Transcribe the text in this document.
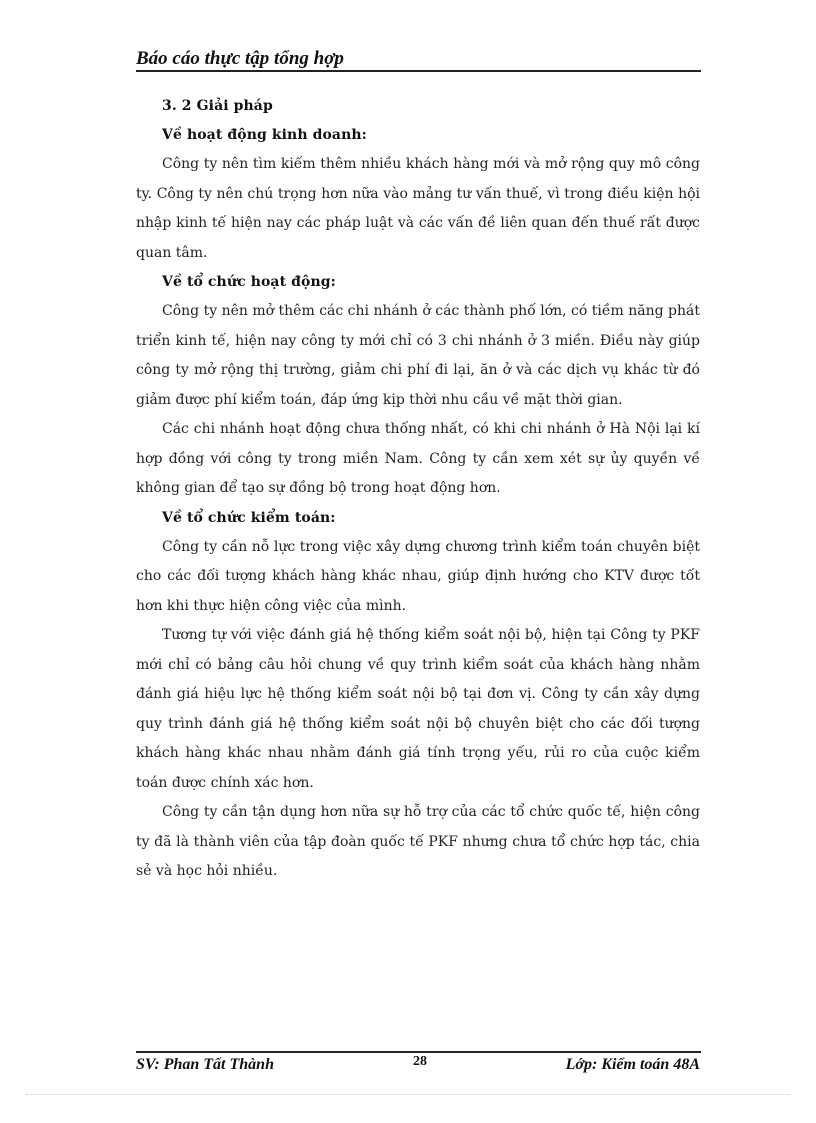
Báo cáo thực tập tổng hợp

3. 2 Giải pháp

Về hoạt động kinh doanh:

Công ty nên tìm kiếm thêm nhiều khách hàng mới và mở rộng quy mô công ty. Công ty nên chú trọng hơn nữa vào mảng tư vấn thuế, vì trong điều kiện hội nhập kinh tế hiện nay các pháp luật và các vấn đề liên quan đến thuế rất được quan tâm.

Về tổ chức hoạt động:

Công ty nên mở thêm các chi nhánh ở các thành phố lớn, có tiềm năng phát triển kinh tế, hiện nay công ty mới chỉ có 3 chi nhánh ở 3 miền. Điều này giúp công ty mở rộng thị trường, giảm chi phí đi lại, ăn ở và các dịch vụ khác từ đó giảm được phí kiểm toán, đáp ứng kịp thời nhu cầu về mặt thời gian.

Các chi nhánh hoạt động chưa thống nhất, có khi chi nhánh ở Hà Nội lại kí hợp đồng với công ty trong miền Nam. Công ty cần xem xét sự ủy quyền về không gian để tạo sự đồng bộ trong hoạt động hơn.

Về tổ chức kiểm toán:

Công ty cần nỗ lực trong việc xây dựng chương trình kiểm toán chuyên biệt cho các đối tượng khách hàng khác nhau, giúp định hướng cho KTV được tốt hơn khi thực hiện công việc của mình.

Tương tự với việc đánh giá hệ thống kiểm soát nội bộ, hiện tại Công ty PKF mới chỉ có bảng câu hỏi chung về quy trình kiểm soát của khách hàng nhằm đánh giá hiệu lực hệ thống kiểm soát nội bộ tại đơn vị. Công ty cần xây dựng quy trình đánh giá hệ thống kiểm soát nội bộ chuyên biệt cho các đối tượng khách hàng khác nhau nhằm đánh giá tính trọng yếu, rủi ro của cuộc kiểm toán được chính xác hơn.

Công ty cần tận dụng hơn nữa sự hỗ trợ của các tổ chức quốc tế, hiện công ty đã là thành viên của tập đoàn quốc tế PKF nhưng chưa tổ chức hợp tác, chia sẻ và học hỏi nhiều.

SV: Phan Tất Thành	28	Lớp: Kiểm toán 48A
